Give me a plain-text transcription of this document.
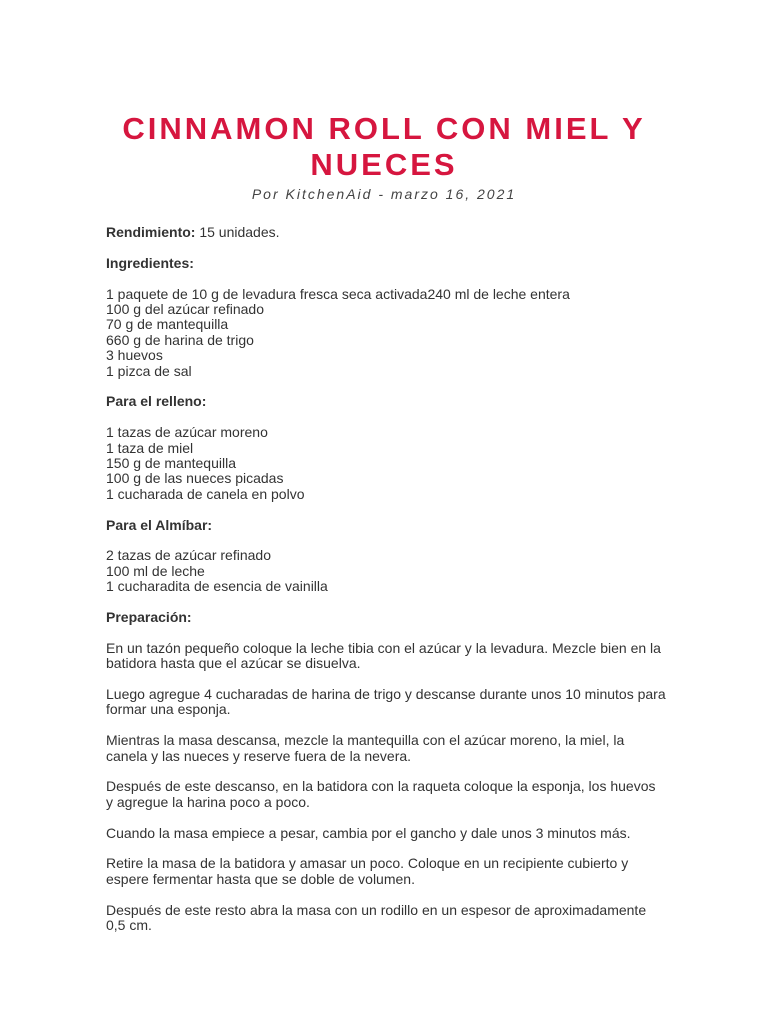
CINNAMON ROLL CON MIEL Y
NUECES
Por KitchenAid - marzo 16, 2021

Rendimiento: 15 unidades.

Ingredientes:

1 paquete de 10 g de levadura fresca seca activada240 ml de leche entera
100 g del azúcar refinado
70 g de mantequilla
660 g de harina de trigo
3 huevos
1 pizca de sal

Para el relleno:

1 tazas de azúcar moreno
1 taza de miel
150 g de mantequilla
100 g de las nueces picadas
1 cucharada de canela en polvo

Para el Almíbar:

2 tazas de azúcar refinado
100 ml de leche
1 cucharadita de esencia de vainilla

Preparación:

En un tazón pequeño coloque la leche tibia con el azúcar y la levadura. Mezcle bien en la batidora hasta que el azúcar se disuelva.

Luego agregue 4 cucharadas de harina de trigo y descanse durante unos 10 minutos para formar una esponja.

Mientras la masa descansa, mezcle la mantequilla con el azúcar moreno, la miel, la canela y las nueces y reserve fuera de la nevera.

Después de este descanso, en la batidora con la raqueta coloque la esponja, los huevos y agregue la harina poco a poco.

Cuando la masa empiece a pesar, cambia por el gancho y dale unos 3 minutos más.

Retire la masa de la batidora y amasar un poco. Coloque en un recipiente cubierto y espere fermentar hasta que se doble de volumen.

Después de este resto abra la masa con un rodillo en un espesor de aproximadamente 0,5 cm.
